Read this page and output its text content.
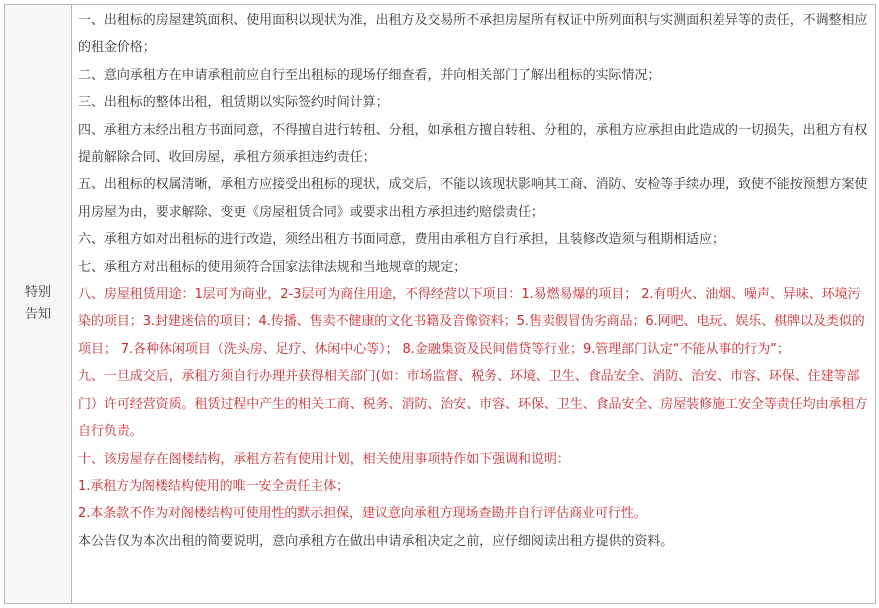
特别告知

一、出租标的房屋建筑面积、使用面积以现状为准，出租方及交易所不承担房屋所有权证中所列面积与实测面积差异等的责任，不调整相应的租金价格；

二、意向承租方在申请承租前应自行至出租标的现场仔细查看，并向相关部门了解出租标的实际情况；

三、出租标的整体出租，租赁期以实际签约时间计算；

四、承租方未经出租方书面同意，不得擅自进行转租、分租，如承租方擅自转租、分租的，承租方应承担由此造成的一切损失，出租方有权提前解除合同、收回房屋，承租方须承担违约责任；

五、出租标的权属清晰，承租方应接受出租标的现状，成交后，不能以该现状影响其工商、消防、安检等手续办理，致使不能按预想方案使用房屋为由，要求解除、变更《房屋租赁合同》或要求出租方承担违约赔偿责任；

六、承租方如对出租标的进行改造，须经出租方书面同意，费用由承租方自行承担，且装修改造须与租期相适应；

七、承租方对出租标的使用须符合国家法律法规和当地规章的规定；

八、房屋租赁用途：1层可为商业，2-3层可为商住用途，不得经营以下项目：1.易燃易爆的项目； 2.有明火、油烟、噪声、异味、环境污染的项目；3.封建迷信的项目；4.传播、售卖不健康的文化书籍及音像资料；5.售卖假冒伪劣商品；6.网吧、电玩、娱乐、棋牌以及类似的项目； 7.各种休闲项目（洗头房、足疗、休闲中心等）； 8.金融集资及民间借贷等行业；9.管理部门认定“不能从事的行为”；

九、一旦成交后，承租方须自行办理并获得相关部门(如：市场监督、税务、环境、卫生、食品安全、消防、治安、市容、环保、住建等部门）许可经营资质。租赁过程中产生的相关工商、税务、消防、治安、市容、环保、卫生、食品安全、房屋装修施工安全等责任均由承租方自行负责。

十、该房屋存在阁楼结构，承租方若有使用计划，相关使用事项特作如下强调和说明：

1.承租方为阁楼结构使用的唯一安全责任主体；

2.本条款不作为对阁楼结构可使用性的默示担保，建议意向承租方现场查勘并自行评估商业可行性。

本公告仅为本次出租的简要说明，意向承租方在做出申请承租决定之前，应仔细阅读出租方提供的资料。
